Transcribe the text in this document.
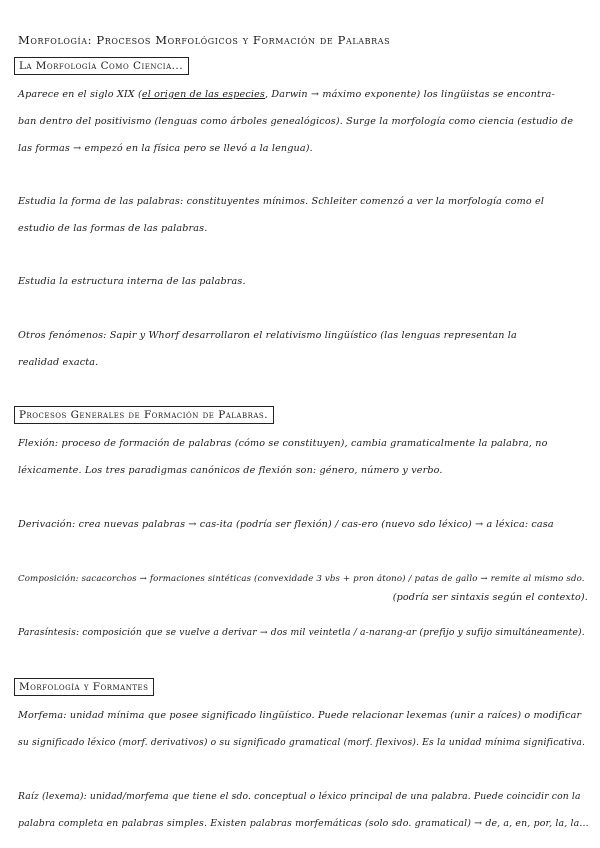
Morfología: Procesos Morfológicos y Formación de Palabras
La Morfología Como Ciencia...
Aparece en el siglo XIX (el origen de las especies, Darwin → máximo exponente) los lingüistas se encontra-
ban dentro del positivismo (lenguas como árboles genealógicos). Surge la morfología como ciencia (estudio de
las formas → empezó en la física pero se llevó a la lengua).
Estudia la forma de las palabras: constituyentes mínimos. Schleiter comenzó a ver la morfología como el
estudio de las formas de las palabras.
Estudia la estructura interna de las palabras.
Otros fenómenos: Sapir y Whorf desarrollaron el relativismo lingüístico (las lenguas representan la
realidad exacta.
Procesos Generales de Formación de Palabras.
Flexión: proceso de formación de palabras (cómo se constituyen), cambia gramaticalmente la palabra, no
léxicamente. Los tres paradigmas canónicos de flexión son: género, número y verbo.
Derivación: crea nuevas palabras → cas-ita (podría ser flexión) / cas-ero (nuevo sdo léxico) → a léxica: casa
Composición: sacacorchos → formaciones sintéticas (convexidade 3 vbs + pron átono) / patas de gallo → remite al mismo sdo.
(podría ser sintaxis según el contexto).
Parasíntesis: composición que se vuelve a derivar → dos mil veintetla / a-narang-ar (prefijo y sufijo simultáneamente).
Morfología y Formantes
Morfema: unidad mínima que posee significado lingüístico. Puede relacionar lexemas (unir a raíces) o modificar
su significado léxico (morf. derivativos) o su significado gramatical (morf. flexivos). Es la unidad mínima significativa.
Raíz (lexema): unidad/morfema que tiene el sdo. conceptual o léxico principal de una palabra. Puede coincidir con la
palabra completa en palabras simples. Existen palabras morfemáticas (solo sdo. gramatical) → de, a, en, por, la, la...
